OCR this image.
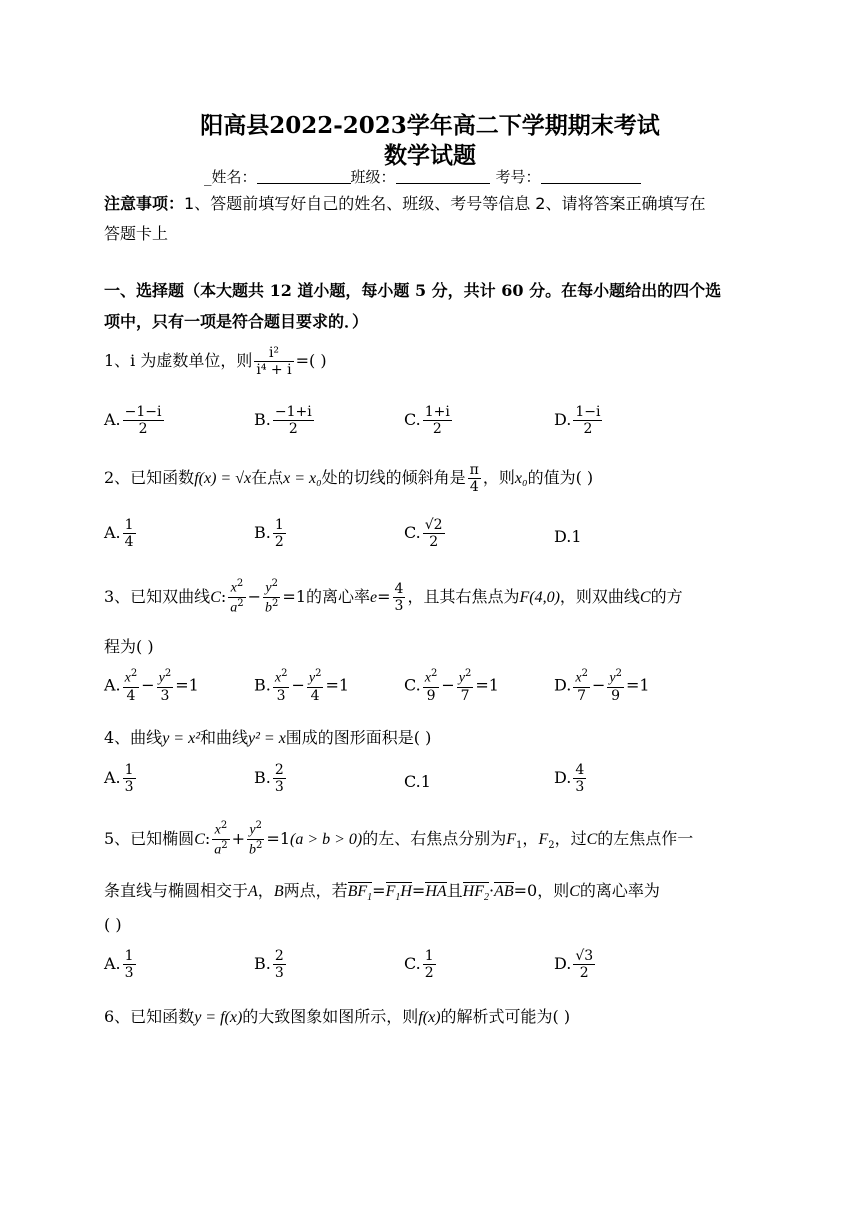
阳高县2022-2023学年高二下学期期末考试
数学试题
_姓名：	班级：	考号：
注意事项：1、答题前填写好自己的姓名、班级、考号等信息 2、请将答案正确填写在
答题卡上
一、选择题（本大题共 12 道小题，每小题 5 分，共计 60 分。在每小题给出的四个选
项中，只有一项是符合题目要求的．）
1、i 为虚数单位，则 $\frac{\text{i²}}{\text{i⁴ + i}}$ =( )
A. $\frac{-1-i}{2}$	B. $\frac{-1+i}{2}$	C. $\frac{1+i}{2}$	D. $\frac{1-i}{2}$
2、已知函数f(x) = √x在点x = x₀处的切线的倾斜角是 $\frac{\pi}{4}$ ，则x₀的值为( )
A. $\frac{1}{4}$	B. $\frac{1}{2}$	C. $\frac{√2}{2}$	D.1
3、已知双曲线C: $\frac{x^2}{a^2} - \frac{y^2}{b^2} =1$的离心率$e= \frac{4}{3}$ ，且其右焦点为F(4,0)，则双曲线C的方
程为( )
A. $\frac{x^2}{4} - \frac{y^2}{3} =1$	B. $\frac{x^2}{3} - \frac{y^2}{4} =1$	C. $\frac{x^2}{9} - \frac{y^2}{7} =1$	D. $\frac{x^2}{7} - \frac{y^2}{9} =1$
4、曲线y = x²和曲线y² = x围成的图形面积是( )
A. $\frac{1}{3}$	B. $\frac{2}{3}$	C.1	D. $\frac{4}{3}$
5、已知椭圆C: $\frac{x^2}{a^2} + \frac{y^2}{b^2} =1(a > b > 0)$的左、右焦点分别为$F_1$，$F_2$，过C的左焦点作一
条直线与椭圆相交于A，B两点，若$BF_1=F_1H=HA$且$HF_2\cdot AB=0$，则C的离心率为
( )
A. $\frac{1}{3}$	B. $\frac{2}{3}$	C. $\frac{1}{2}$	D. $\frac{√3}{2}$
6、已知函数y = f(x)的大致图象如图所示，则f(x)的解析式可能为( )
